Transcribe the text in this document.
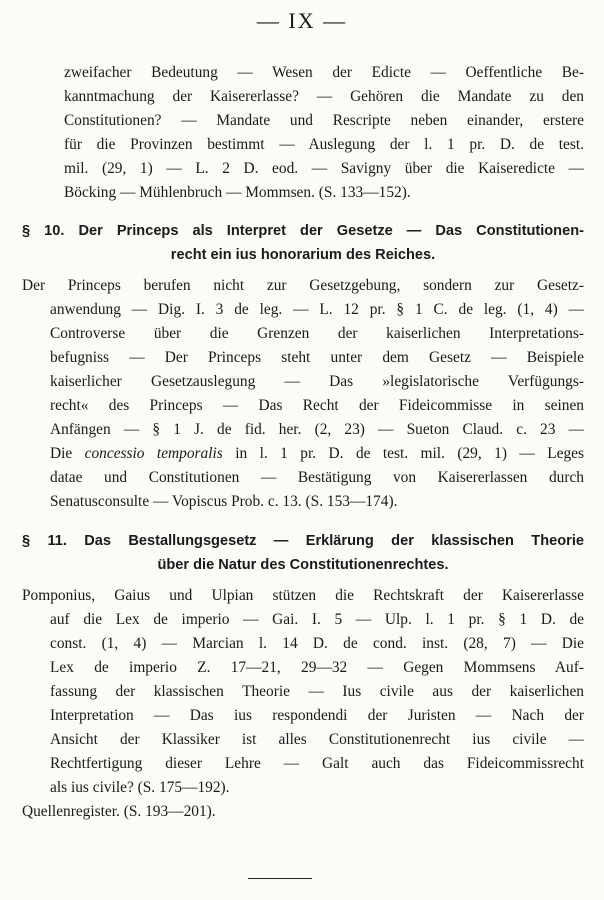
— IX —
zweifacher Bedeutung — Wesen der Edicte — Oeffentliche Be-
kanntmachung der Kaisererlasse? — Gehören die Mandate zu den
Constitutionen? — Mandate und Rescripte neben einander, erstere
für die Provinzen bestimmt — Auslegung der l. 1 pr. D. de test.
mil. (29, 1) — L. 2 D. eod. — Savigny über die Kaiseredicte —
Böcking — Mühlenbruch — Mommsen. (S. 133—152).
§ 10. Der Princeps als Interpret der Gesetze — Das Constitutionen-
recht ein ius honorarium des Reiches.
Der Princeps berufen nicht zur Gesetzgebung, sondern zur Gesetz-
anwendung — Dig. I. 3 de leg. — L. 12 pr. § 1 C. de leg. (1, 4) —
Controverse über die Grenzen der kaiserlichen Interpretations-
befugniss — Der Princeps steht unter dem Gesetz — Beispiele
kaiserlicher Gesetzauslegung — Das »legislatorische Verfügungs-
recht« des Princeps — Das Recht der Fideicommisse in seinen
Anfängen — § 1 J. de fid. her. (2, 23) — Sueton Claud. c. 23 —
Die concessio temporalis in l. 1 pr. D. de test. mil. (29, 1) — Leges
datae und Constitutionen — Bestätigung von Kaisererlassen durch
Senatusconsulte — Vopiscus Prob. c. 13. (S. 153—174).
§ 11. Das Bestallungsgesetz — Erklärung der klassischen Theorie
über die Natur des Constitutionenrechtes.
Pomponius, Gaius und Ulpian stützen die Rechtskraft der Kaisererlasse
auf die Lex de imperio — Gai. I. 5 — Ulp. l. 1 pr. § 1 D. de
const. (1, 4) — Marcian l. 14 D. de cond. inst. (28, 7) — Die
Lex de imperio Z. 17—21, 29—32 — Gegen Mommsens Auf-
fassung der klassischen Theorie — Ius civile aus der kaiserlichen
Interpretation — Das ius respondendi der Juristen — Nach der
Ansicht der Klassiker ist alles Constitutionenrecht ius civile —
Rechtfertigung dieser Lehre — Galt auch das Fideicommissrecht
als ius civile? (S. 175—192).
Quellenregister. (S. 193—201).
